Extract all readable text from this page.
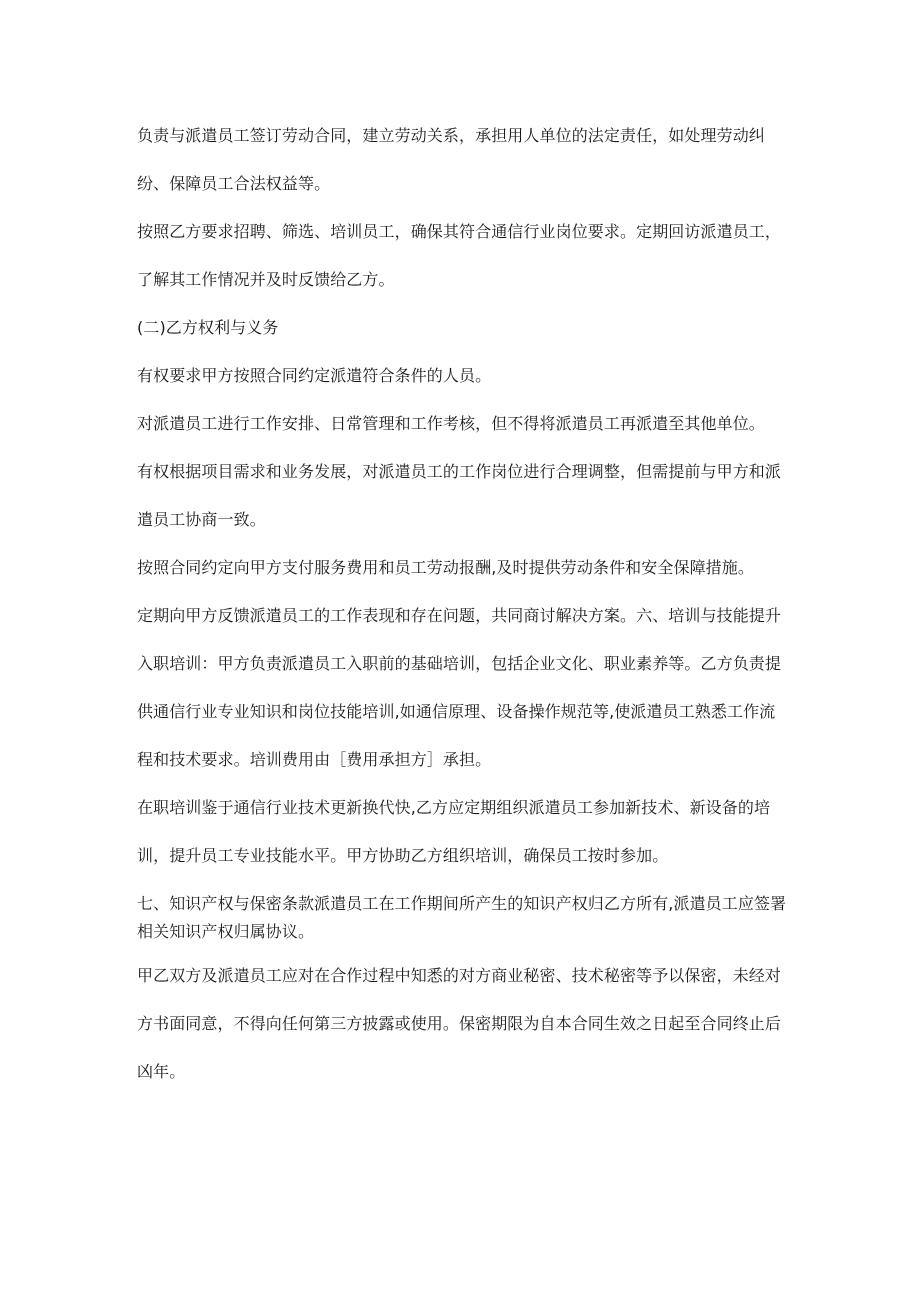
负责与派遣员工签订劳动合同，建立劳动关系，承担用人单位的法定责任，如处理劳动纠纷、保障员工合法权益等。

按照乙方要求招聘、筛选、培训员工，确保其符合通信行业岗位要求。定期回访派遣员工，了解其工作情况并及时反馈给乙方。

(二)乙方权利与义务

有权要求甲方按照合同约定派遣符合条件的人员。

对派遣员工进行工作安排、日常管理和工作考核，但不得将派遣员工再派遣至其他单位。

有权根据项目需求和业务发展，对派遣员工的工作岗位进行合理调整，但需提前与甲方和派遣员工协商一致。

按照合同约定向甲方支付服务费用和员工劳动报酬,及时提供劳动条件和安全保障措施。

定期向甲方反馈派遣员工的工作表现和存在问题，共同商讨解决方案。六、培训与技能提升

入职培训：甲方负责派遣员工入职前的基础培训，包括企业文化、职业素养等。乙方负责提供通信行业专业知识和岗位技能培训,如通信原理、设备操作规范等,使派遣员工熟悉工作流程和技术要求。培训费用由［费用承担方］承担。

在职培训鉴于通信行业技术更新换代快,乙方应定期组织派遣员工参加新技术、新设备的培训，提升员工专业技能水平。甲方协助乙方组织培训，确保员工按时参加。

七、知识产权与保密条款派遣员工在工作期间所产生的知识产权归乙方所有,派遣员工应签署相关知识产权归属协议。

甲乙双方及派遣员工应对在合作过程中知悉的对方商业秘密、技术秘密等予以保密，未经对方书面同意，不得向任何第三方披露或使用。保密期限为自本合同生效之日起至合同终止后凶年。
